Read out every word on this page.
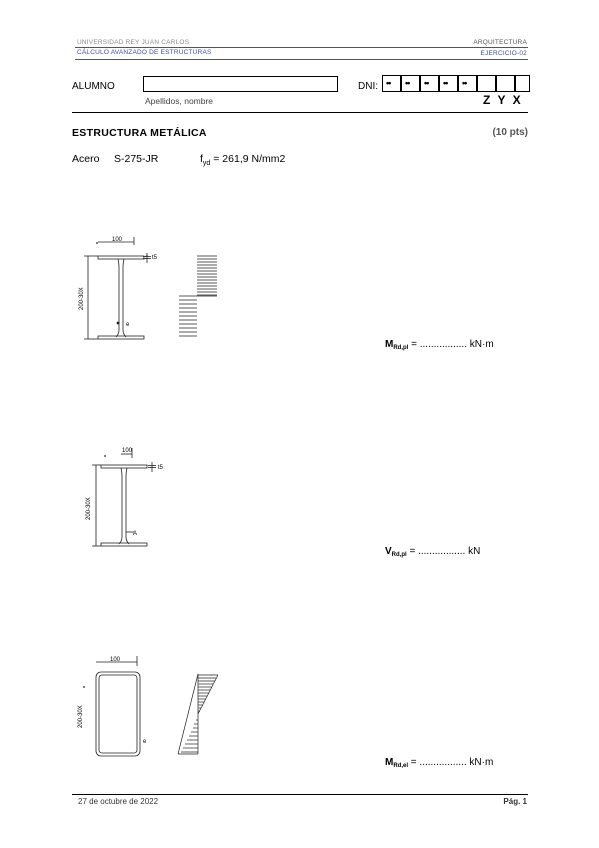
UNIVERSIDAD REY JUAN CARLOS
CÁLCULO AVANZADO DE ESTRUCTURAS
ARQUITECTURA
EJERCICIO-02
ALUMNO
Apellidos, nombre
DNI: •• •• •• •• ••
Z Y X
ESTRUCTURA METÁLICA	(10 pts)
Acero S-275-JR	$f_{yd} = 261,9$ N/mm2
100
t5
200-30X
e
$M_{Rd,pl}$ = ................. kN·m
100
t5
200-30X
A
$V_{Rd,pl}$ = ................. kN
100
200-30X
e
$M_{Rd,el}$ = ................. kN·m
27 de octubre de 2022	Pág. 1
